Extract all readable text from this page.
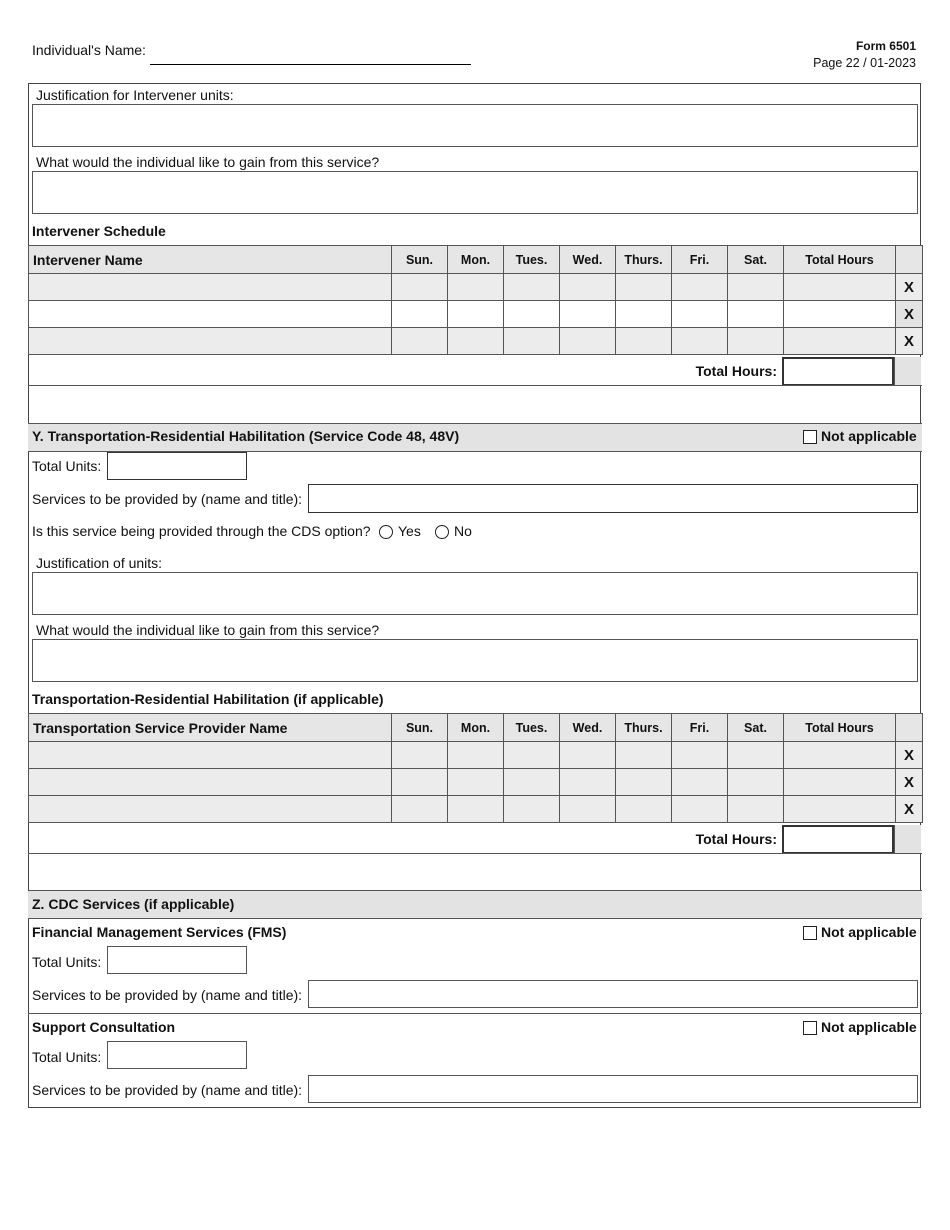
Individual's Name:	Form 6501
Page 22 / 01-2023
Justification for Intervener units:
What would the individual like to gain from this service?
Intervener Schedule
Intervener Name	Sun.	Mon.	Tues.	Wed.	Thurs.	Fri.	Sat.	Total Hours	
									X
									X
									X
Total Hours:
Y. Transportation-Residential Habilitation (Service Code 48, 48V)	Not applicable
Total Units:
Services to be provided by (name and title):
Is this service being provided through the CDS option? Yes No
Justification of units:
What would the individual like to gain from this service?
Transportation-Residential Habilitation (if applicable)
Transportation Service Provider Name	Sun.	Mon.	Tues.	Wed.	Thurs.	Fri.	Sat.	Total Hours	
									X
									X
									X
Total Hours:
Z. CDC Services (if applicable)
Financial Management Services (FMS)	Not applicable
Total Units:
Services to be provided by (name and title):
Support Consultation	Not applicable
Total Units:
Services to be provided by (name and title):
